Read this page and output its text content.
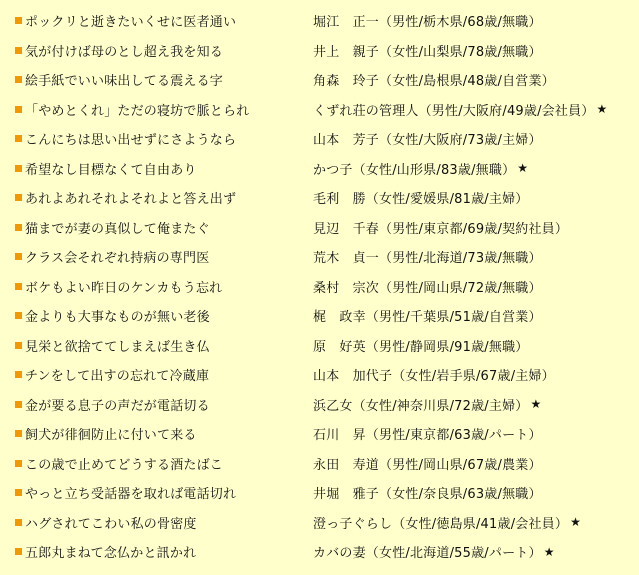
ポックリと逝きたいくせに医者通い	堀江　正一（男性/栃木県/68歳/無職）
気が付けば母のとし超え我を知る	井上　親子（女性/山梨県/78歳/無職）
絵手紙でいい味出してる震える字	角森　玲子（女性/島根県/48歳/自営業）
「やめとくれ」ただの寝坊で脈とられ	くずれ荘の管理人（男性/大阪府/49歳/会社員） ★
こんにちは思い出せずにさようなら	山本　芳子（女性/大阪府/73歳/主婦）
希望なし目標なくて自由あり	かつ子（女性/山形県/83歳/無職） ★
あれよあれそれよそれよと答え出ず	毛利　勝（女性/愛媛県/81歳/主婦）
猫までが妻の真似して俺またぐ	見辺　千春（男性/東京都/69歳/契約社員）
クラス会それぞれ持病の専門医	荒木　貞一（男性/北海道/73歳/無職）
ボケもよい昨日のケンカもう忘れ	桑村　宗次（男性/岡山県/72歳/無職）
金よりも大事なものが無い老後	梶　政幸（男性/千葉県/51歳/自営業）
見栄と欲捨ててしまえば生き仏	原　好英（男性/静岡県/91歳/無職）
チンをして出すの忘れて冷蔵庫	山本　加代子（女性/岩手県/67歳/主婦）
金が要る息子の声だが電話切る	浜乙女（女性/神奈川県/72歳/主婦） ★
飼犬が徘徊防止に付いて来る	石川　昇（男性/東京都/63歳/パート）
この歳で止めてどうする酒たばこ	永田　寿道（男性/岡山県/67歳/農業）
やっと立ち受話器を取れば電話切れ	井堀　雅子（女性/奈良県/63歳/無職）
ハグされてこわい私の骨密度	澄っ子ぐらし（女性/徳島県/41歳/会社員） ★
五郎丸まねて念仏かと訊かれ	カバの妻（女性/北海道/55歳/パート） ★
